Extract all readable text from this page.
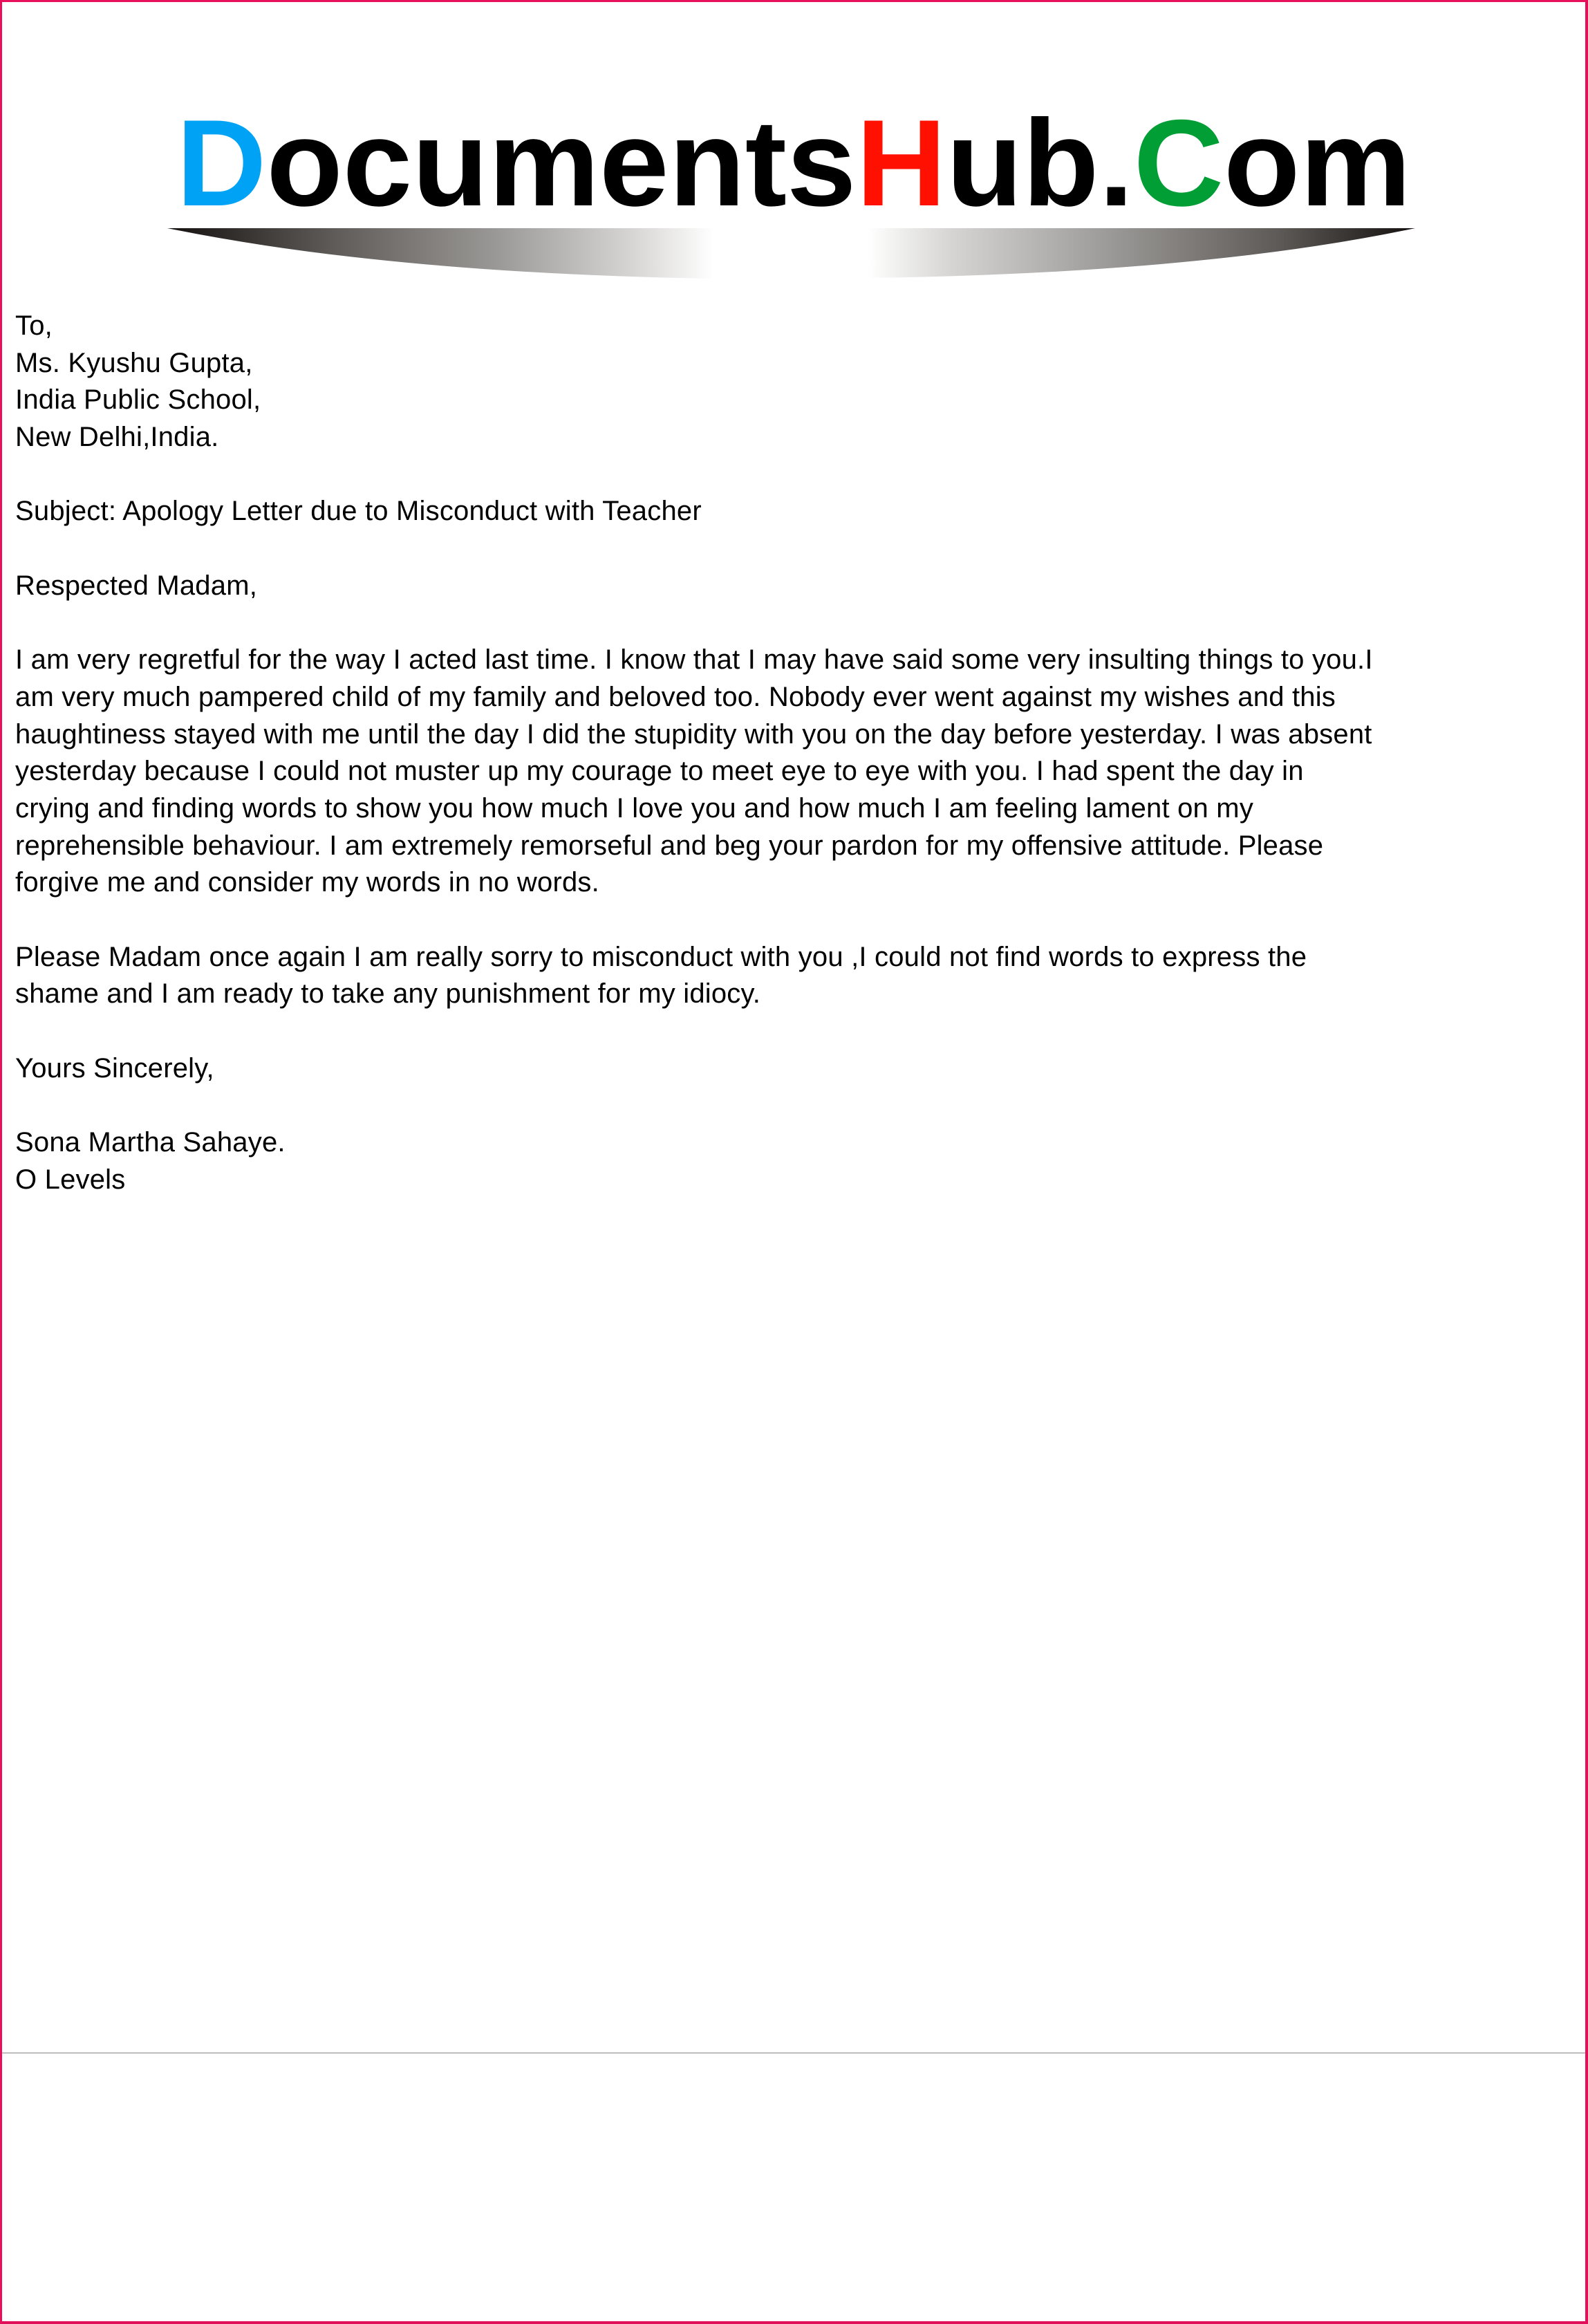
DocumentsHub.Com
To,
Ms. Kyushu Gupta,
India Public School,
New Delhi,India.
Subject: Apology Letter due to Misconduct with Teacher
Respected Madam,
I am very regretful for the way I acted last time. I know that I may have said some very insulting things to you.I
am very much pampered child of my family and beloved too. Nobody ever went against my wishes and this
haughtiness stayed with me until the day I did the stupidity with you on the day before yesterday. I was absent
yesterday because I could not muster up my courage to meet eye to eye with you. I had spent the day in
crying and finding words to show you how much I love you and how much I am feeling lament on my
reprehensible behaviour. I am extremely remorseful and beg your pardon for my offensive attitude. Please
forgive me and consider my words in no words.
Please Madam once again I am really sorry to misconduct with you ,I could not find words to express the
shame and I am ready to take any punishment for my idiocy.
Yours Sincerely,
Sona Martha Sahaye.
O Levels
